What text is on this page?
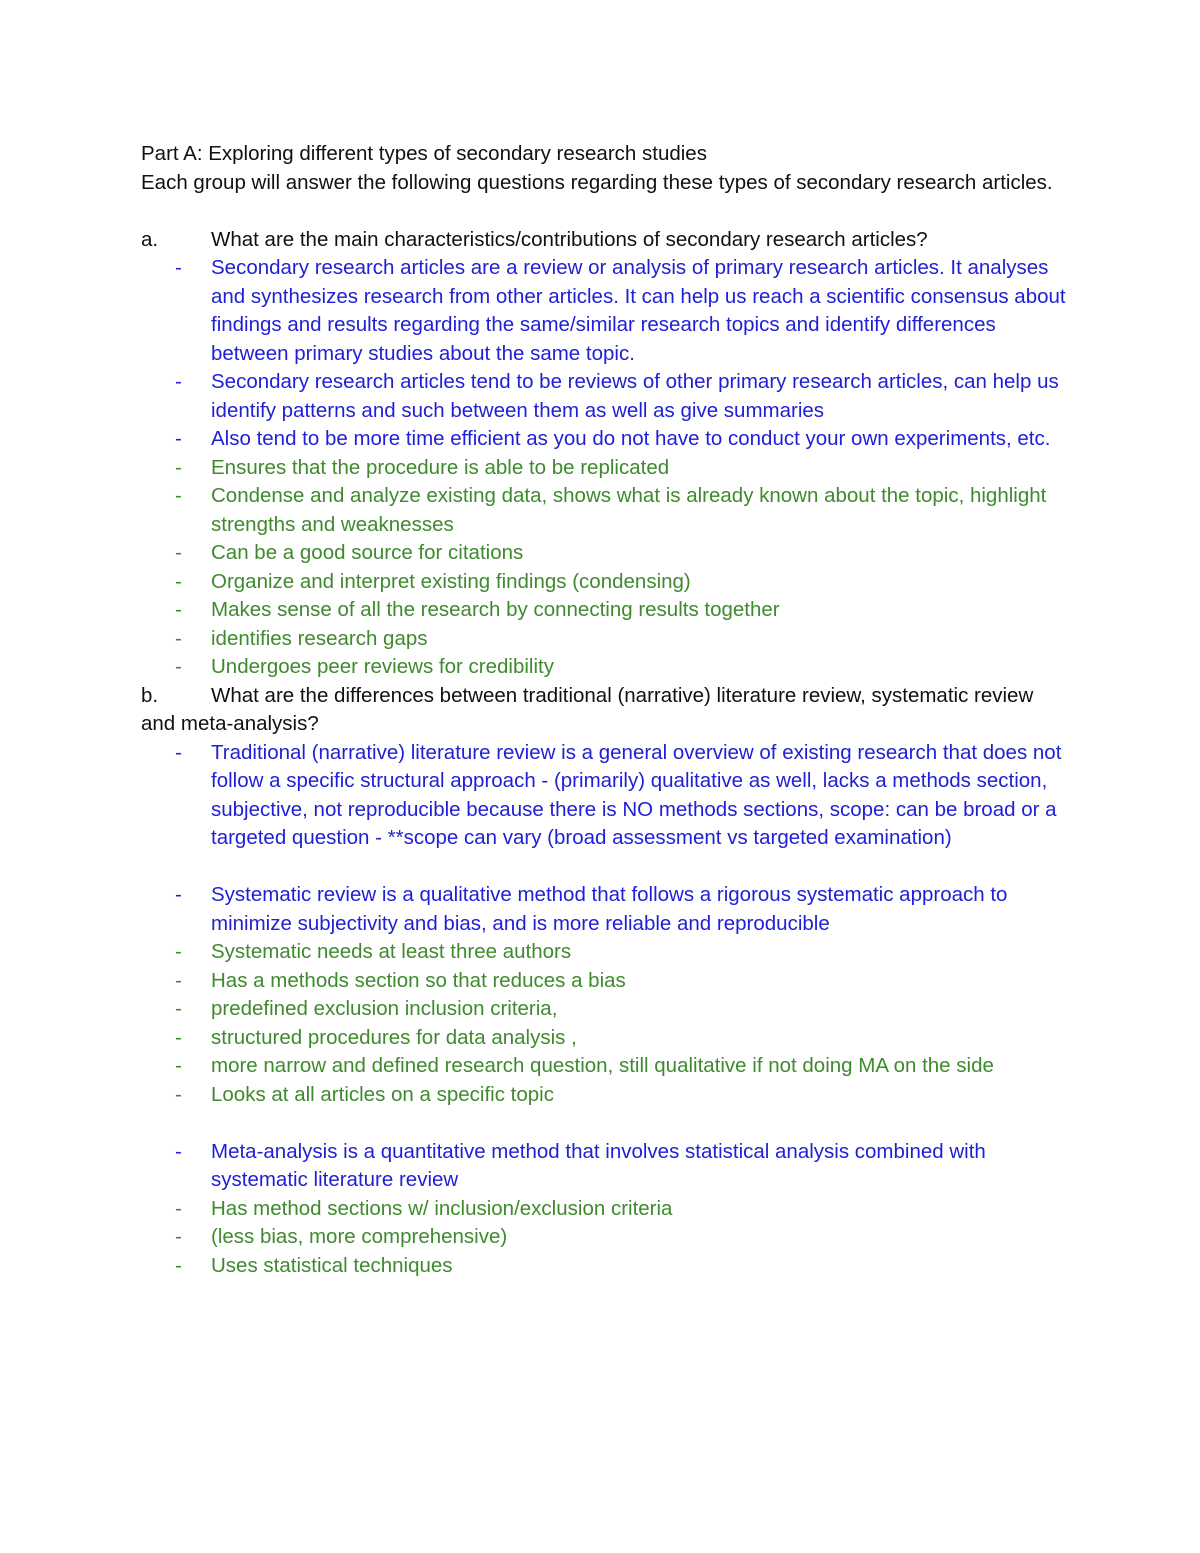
Part A: Exploring different types of secondary research studies
Each group will answer the following questions regarding these types of secondary research articles.
a.	What are the main characteristics/contributions of secondary research articles?
- Secondary research articles are a review or analysis of primary research articles. It analyses and synthesizes research from other articles. It can help us reach a scientific consensus about findings and results regarding the same/similar research topics and identify differences between primary studies about the same topic.
- Secondary research articles tend to be reviews of other primary research articles, can help us identify patterns and such between them as well as give summaries
- Also tend to be more time efficient as you do not have to conduct your own experiments, etc.
- Ensures that the procedure is able to be replicated
- Condense and analyze existing data, shows what is already known about the topic, highlight strengths and weaknesses
- Can be a good source for citations
- Organize and interpret existing findings (condensing)
- Makes sense of all the research by connecting results together
- identifies research gaps
- Undergoes peer reviews for credibility
b.	What are the differences between traditional (narrative) literature review, systematic review and meta-analysis?
- Traditional (narrative) literature review is a general overview of existing research that does not follow a specific structural approach - (primarily) qualitative as well, lacks a methods section, subjective, not reproducible because there is NO methods sections, scope: can be broad or a targeted question - **scope can vary (broad assessment vs targeted examination)
- Systematic review is a qualitative method that follows a rigorous systematic approach to minimize subjectivity and bias, and is more reliable and reproducible
- Systematic needs at least three authors
- Has a methods section so that reduces a bias
- predefined exclusion inclusion criteria,
- structured procedures for data analysis ,
- more narrow and defined research question, still qualitative if not doing MA on the side
- Looks at all articles on a specific topic
- Meta-analysis is a quantitative method that involves statistical analysis combined with systematic literature review
- Has method sections w/ inclusion/exclusion criteria
- (less bias, more comprehensive)
- Uses statistical techniques
